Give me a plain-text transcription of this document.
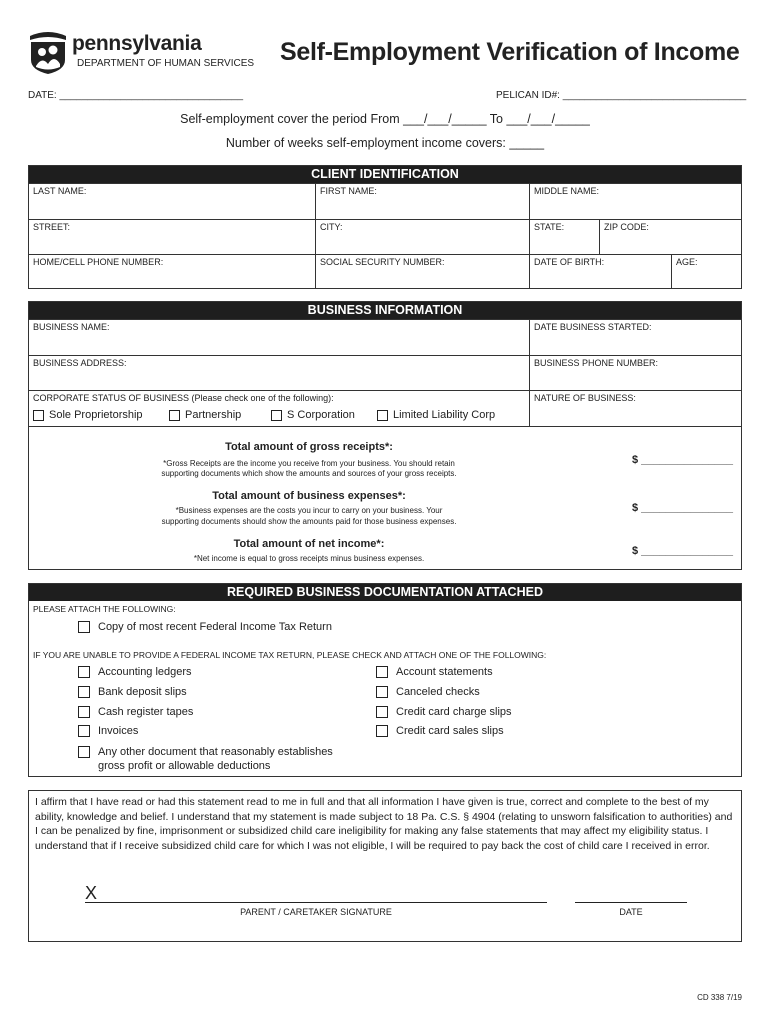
pennsylvania
DEPARTMENT OF HUMAN SERVICES Self-Employment Verification of Income
DATE: _________________________________	PELICAN ID#: _________________________________
Self-employment cover the period From ___/___/_____ To ___/___/_____
Number of weeks self-employment income covers: _____
CLIENT IDENTIFICATION
LAST NAME:	FIRST NAME:	MIDDLE NAME:
STREET:	CITY:	STATE:	ZIP CODE:
HOME/CELL PHONE NUMBER:	SOCIAL SECURITY NUMBER:	DATE OF BIRTH:	AGE:
BUSINESS INFORMATION
BUSINESS NAME:	DATE BUSINESS STARTED:
BUSINESS ADDRESS:	BUSINESS PHONE NUMBER:
CORPORATE STATUS OF BUSINESS (Please check one of the following):	NATURE OF BUSINESS:
Sole Proprietorship	Partnership	S Corporation	Limited Liability Corp
Total amount of gross receipts*:
*Gross Receipts are the income you receive from your business. You should retain
supporting documents which show the amounts and sources of your gross receipts.
$ _______________
Total amount of business expenses*:
*Business expenses are the costs you incur to carry on your business. Your
supporting documents should show the amounts paid for those business expenses.
$ _______________
Total amount of net income*:
*Net income is equal to gross receipts minus business expenses.
$ _______________
REQUIRED BUSINESS DOCUMENTATION ATTACHED
PLEASE ATTACH THE FOLLOWING:
Copy of most recent Federal Income Tax Return
IF YOU ARE UNABLE TO PROVIDE A FEDERAL INCOME TAX RETURN, PLEASE CHECK AND ATTACH ONE OF THE FOLLOWING:
Accounting ledgers
Bank deposit slips
Cash register tapes
Invoices
Account statements
Canceled checks
Credit card charge slips
Credit card sales slips
Any other document that reasonably establishes
gross profit or allowable deductions
I affirm that I have read or had this statement read to me in full and that all information I have given is true, correct and complete to the best of my ability, knowledge and belief. I understand that my statement is made subject to 18 Pa. C.S. § 4904 (relating to unsworn falsification to authorities) and I can be penalized by fine, imprisonment or subsidized child care ineligibility for making any false statements that may affect my eligibility status. I understand that if I receive subsidized child care for which I was not eligible, I will be required to pay back the cost of child care I received in error.
X
PARENT / CARETAKER SIGNATURE	DATE
CD 338 7/19
